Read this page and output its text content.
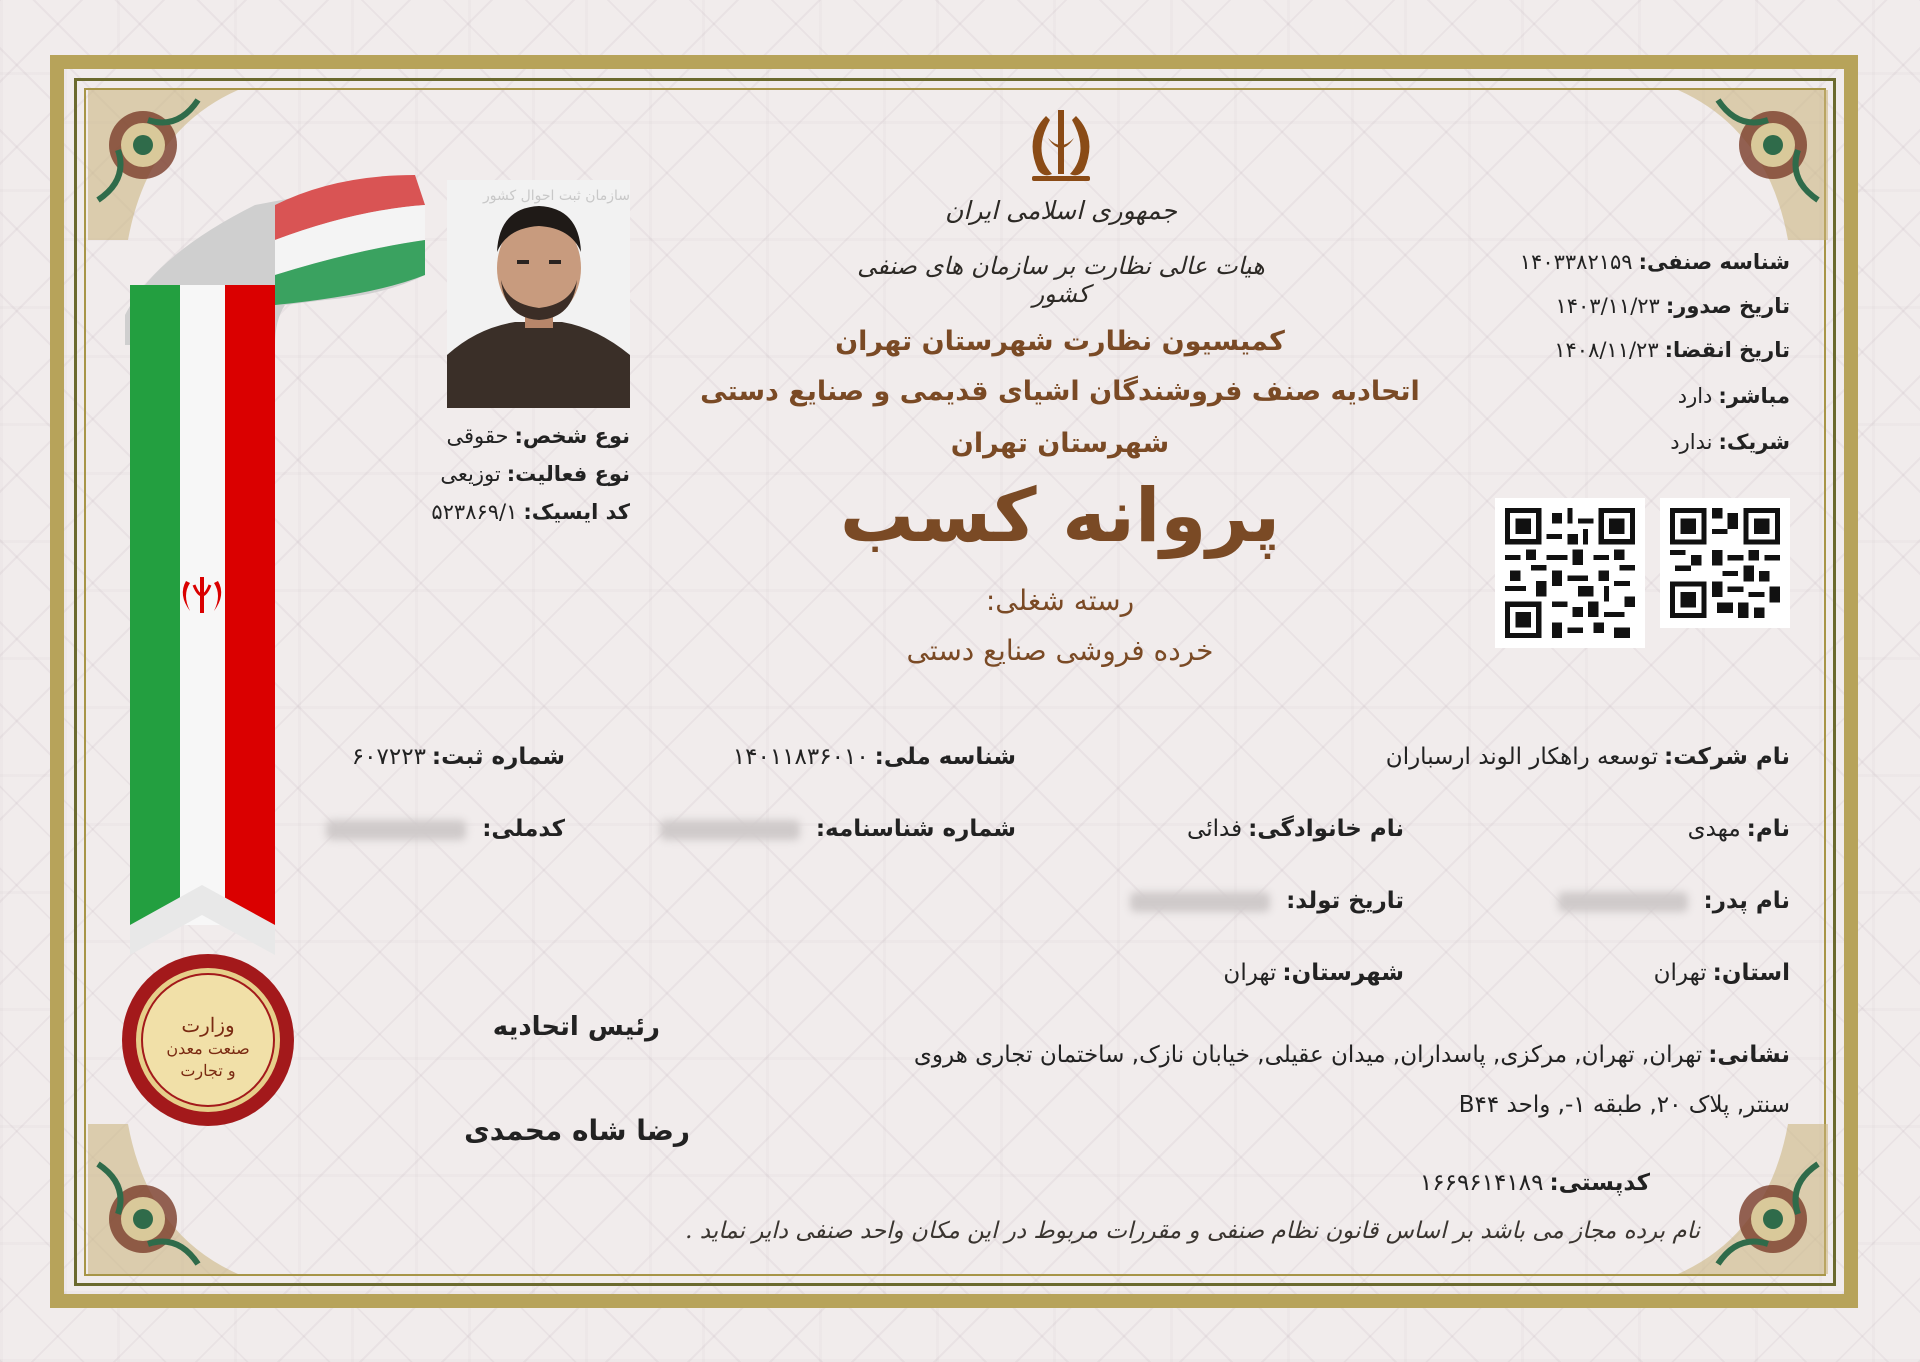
وزارت
صنعت معدن
و تجارت
جمهوری اسلامی ایران
هیات عالی نظارت بر سازمان های صنفی کشور
کمیسیون نظارت شهرستان تهران
اتحادیه صنف فروشندگان اشیای قدیمی و صنایع دستی
شهرستان تهران
پروانه کسب
رسته شغلی:
خرده فروشی صنایع دستی
شناسه صنفی:۱۴۰۳۳۸۲۱۵۹
تاریخ صدور:۱۴۰۳/۱۱/۲۳
تاریخ انقضا:۱۴۰۸/۱۱/۲۳
مباشر:دارد
شریک:ندارد
سازمان ثبت احوال کشور
نوع شخص:حقوقی
نوع فعالیت:توزیعی
کد ایسیک:۵۲۳۸۶۹/۱
نام شرکت:توسعه راهکار الوند ارسباران
شناسه ملی:۱۴۰۱۱۸۳۶۰۱۰
شماره ثبت:۶۰۷۲۲۳
نام:مهدی
نام خانوادگی:فدائی
شماره شناسنامه:
کدملی:
نام پدر:
تاریخ تولد:
استان:تهران
شهرستان:تهران
نشانی:تهران, تهران, مرکزی, پاسداران, میدان عقیلی, خیابان نازک, ساختمان تجاری هروی
سنتر, پلاک ۲۰, طبقه ۱-, واحد B۴۴
کدپستی:۱۶۶۹۶۱۴۱۸۹
رئیس اتحادیه
رضا شاه محمدی
نام برده مجاز می باشد بر اساس قانون نظام صنفی و مقررات مربوط در این مکان واحد صنفی دایر نماید .
